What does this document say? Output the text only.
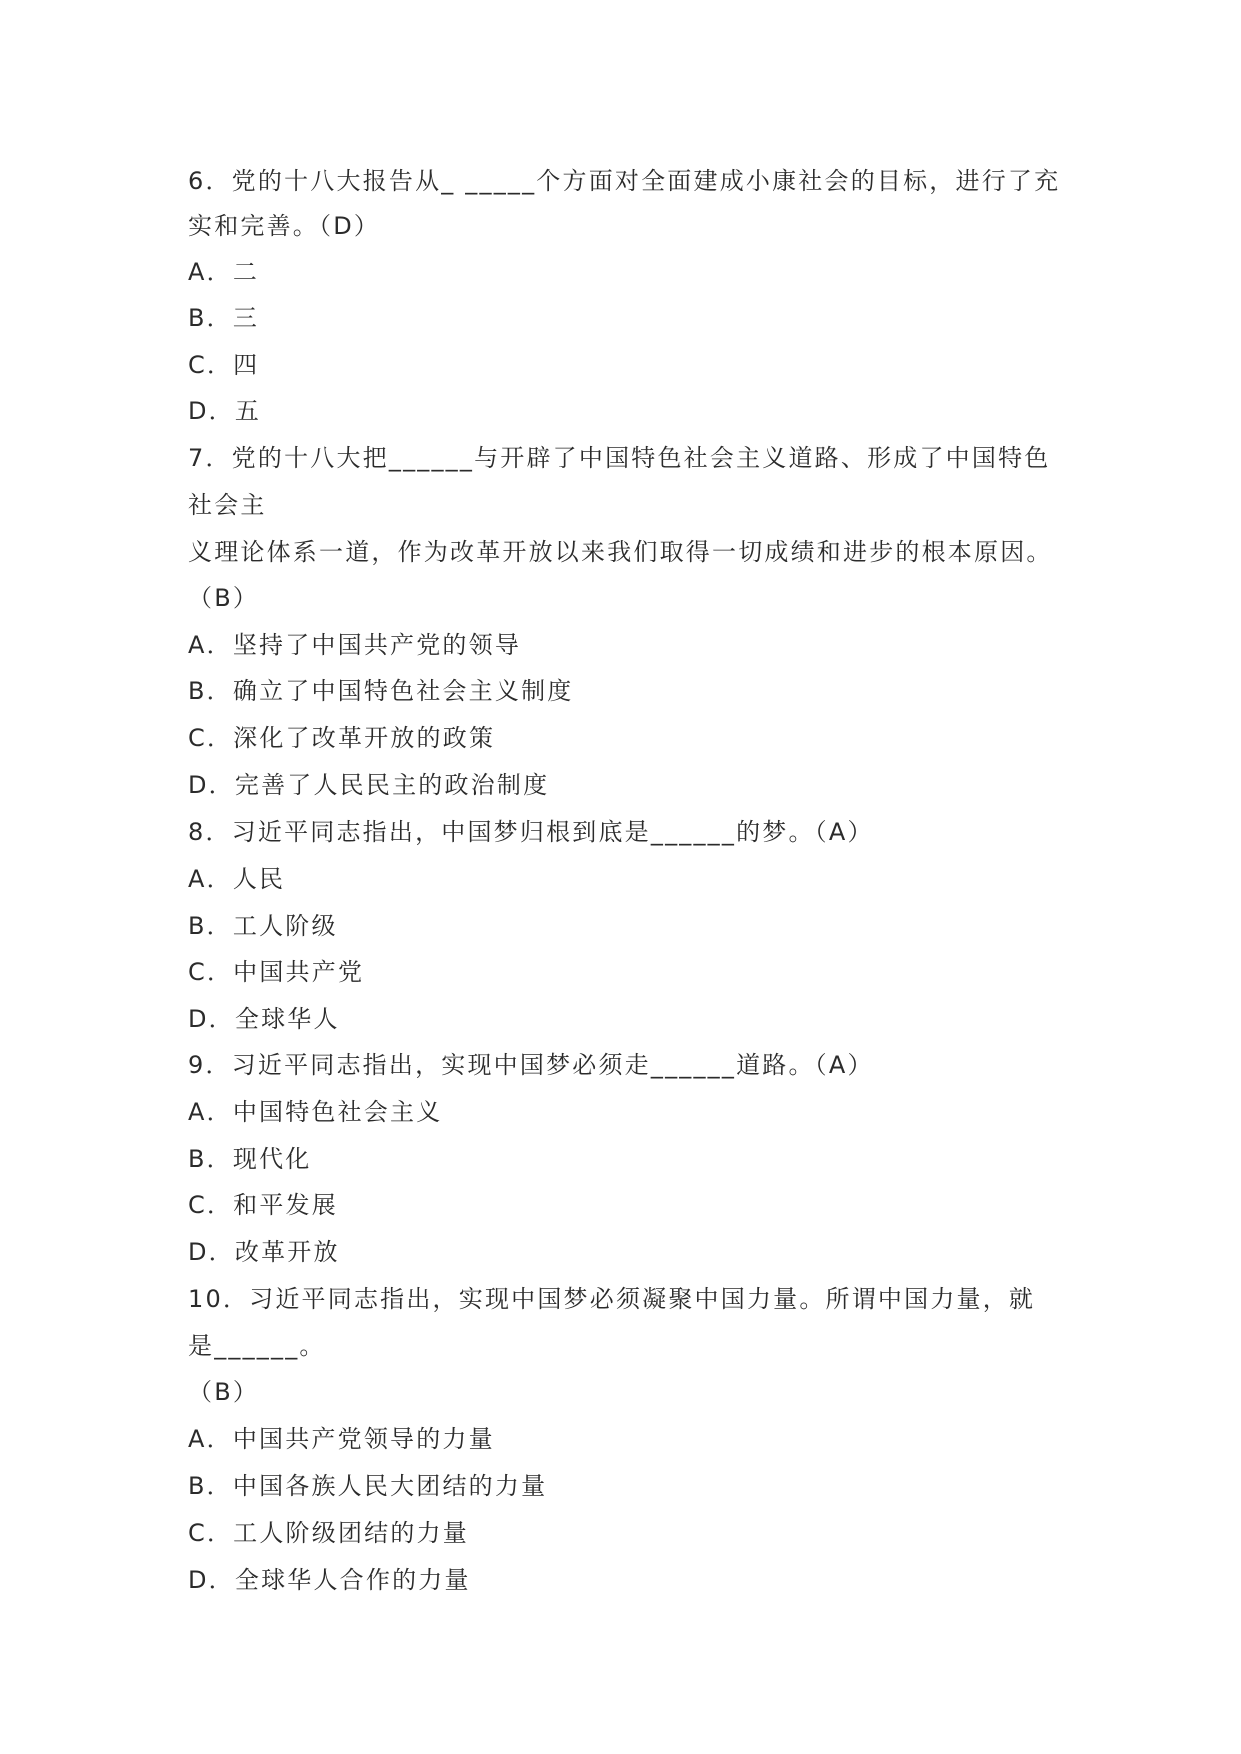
6．党的十八大报告从_ _____个方面对全面建成小康社会的目标，进行了充
实和完善。（D）
A．二
B．三
C．四
D．五
7．党的十八大把______与开辟了中国特色社会主义道路、形成了中国特色
社会主
义理论体系一道，作为改革开放以来我们取得一切成绩和进步的根本原因。
（B）
A．坚持了中国共产党的领导
B．确立了中国特色社会主义制度
C．深化了改革开放的政策
D．完善了人民民主的政治制度
8．习近平同志指出，中国梦归根到底是______的梦。（A）
A．人民
B．工人阶级
C．中国共产党
D．全球华人
9．习近平同志指出，实现中国梦必须走______道路。（A）
A．中国特色社会主义
B．现代化
C．和平发展
D．改革开放
10．习近平同志指出，实现中国梦必须凝聚中国力量。所谓中国力量，就
是______。
（B）
A．中国共产党领导的力量
B．中国各族人民大团结的力量
C．工人阶级团结的力量
D．全球华人合作的力量
